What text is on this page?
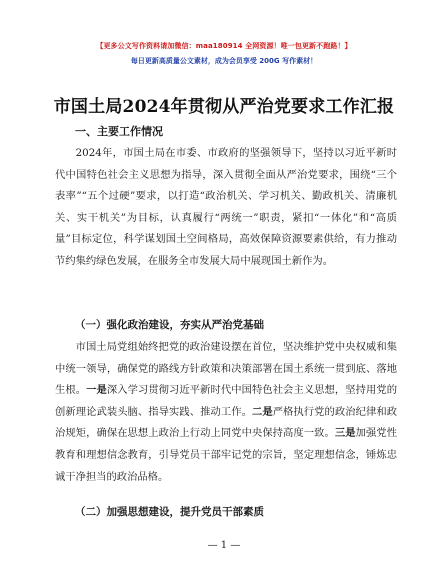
【更多公文写作资料请加微信：maa180914 全网资源！唯一包更新不跑路！】
每日更新高质量公文素材，成为会员享受 200G 写作素材！
市国土局2024年贯彻从严治党要求工作汇报
一、主要工作情况
2024年，市国土局在市委、市政府的坚强领导下，坚持以习近平新时代中国特色社会主义思想为指导，深入贯彻全面从严治党要求，围绕“三个表率”“五个过硬”要求，以打造“政治机关、学习机关、勤政机关、清廉机关、实干机关”为目标，认真履行“两统一”职责，紧扣“一体化”和“高质量”目标定位，科学谋划国土空间格局，高效保障资源要素供给，有力推动节约集约绿色发展，在服务全市发展大局中展现国土新作为。
（一）强化政治建设，夯实从严治党基础
市国土局党组始终把党的政治建设摆在首位，坚决维护党中央权威和集中统一领导，确保党的路线方针政策和决策部署在国土系统一贯到底、落地生根。一是深入学习贯彻习近平新时代中国特色社会主义思想，坚持用党的创新理论武装头脑、指导实践、推动工作。二是严格执行党的政治纪律和政治规矩，确保在思想上政治上行动上同党中央保持高度一致。三是加强党性教育和理想信念教育，引导党员干部牢记党的宗旨，坚定理想信念，锤炼忠诚干净担当的政治品格。
（二）加强思想建设，提升党员干部素质
— 1 —
